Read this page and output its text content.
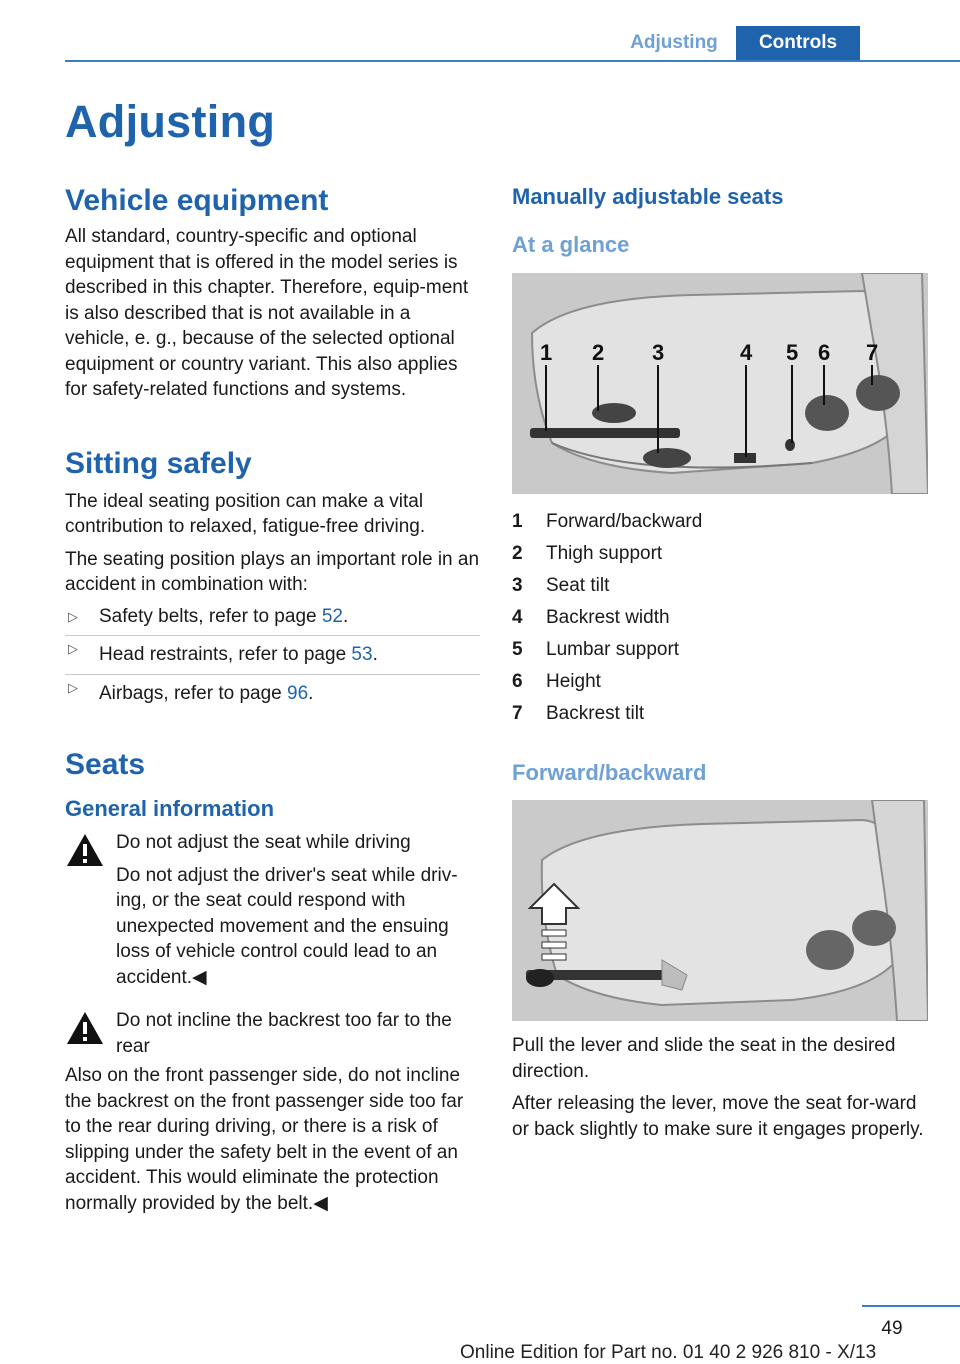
Adjusting	Controls
Adjusting
Vehicle equipment

All standard, country-specific and optional equipment that is offered in the model series is described in this chapter. Therefore, equip-ment is also described that is not available in a vehicle, e. g., because of the selected optional equipment or country variant. This also applies for safety-related functions and systems.

Sitting safely

The ideal seating position can make a vital contribution to relaxed, fatigue-free driving.

The seating position plays an important role in an accident in combination with:

▷ Safety belts, refer to page 52.
▷ Head restraints, refer to page 53.
▷ Airbags, refer to page 96.
Seats
General information

Do not adjust the seat while driving

Do not adjust the driver's seat while driv-ing, or the seat could respond with unexpected movement and the ensuing loss of vehicle control could lead to an accident.◀

Do not incline the backrest too far to the rear

Also on the front passenger side, do not incline the backrest on the front passenger side too far to the rear during driving, or there is a risk of slipping under the safety belt in the event of an accident. This would eliminate the protection normally provided by the belt.◀

Manually adjustable seats
At a glance
1 2 3	4 5 6 7
1 Forward/backward
2 Thigh support
3 Seat tilt
4 Backrest width
5 Lumbar support
6 Height
7 Backrest tilt
Forward/backward

Pull the lever and slide the seat in the desired direction.

After releasing the lever, move the seat for-ward or back slightly to make sure it engages properly.

49
Online Edition for Part no. 01 40 2 926 810 - X/13
